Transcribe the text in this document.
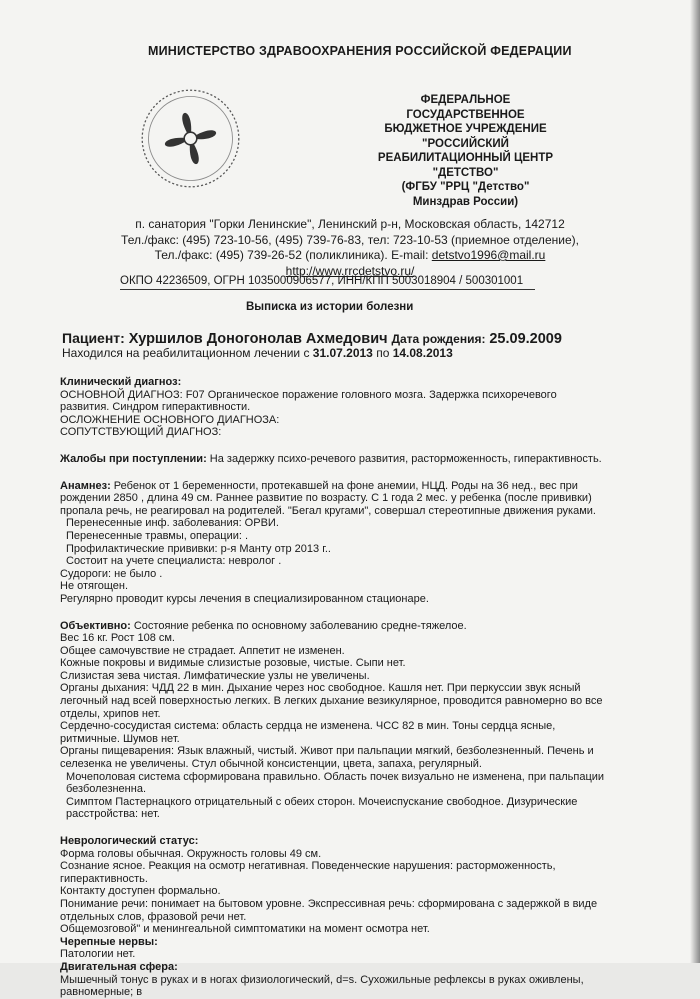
МИНИСТЕРСТВО ЗДРАВООХРАНЕНИЯ РОССИЙСКОЙ ФЕДЕРАЦИИ
ФЕДЕРАЛЬНОЕ ГОСУДАРСТВЕННОЕ
БЮДЖЕТНОЕ УЧРЕЖДЕНИЕ
"РОССИЙСКИЙ
РЕАБИЛИТАЦИОННЫЙ ЦЕНТР
"ДЕТСТВО"
(ФГБУ "РРЦ "Детство"
Минздрав России)
п. санатория "Горки Ленинские", Ленинский р-н, Московская область, 142712
Тел./факс: (495) 723-10-56, (495) 739-76-83, тел: 723-10-53 (приемное отделение),
Тел./факс: (495) 739-26-52 (поликлиника). E-mail: detstvo1996@mail.ru
http://www.rrcdetstvo.ru/
ОКПО 42236509, ОГРН 1035000906577, ИНН/КПП 5003018904 / 500301001
Выписка из истории болезни
Пациент: Хуршилов Доногонолав Ахмедович Дата рождения: 25.09.2009
Находился на реабилитационном лечении с 31.07.2013 по 14.08.2013

Клинический диагноз:

ОСНОВНОЙ ДИАГНОЗ: F07 Органическое поражение головного мозга. Задержка психоречевого развития. Синдром гиперактивности.

ОСЛОЖНЕНИЕ ОСНОВНОГО ДИАГНОЗА:

СОПУТСТВУЮЩИЙ ДИАГНОЗ:

Жалобы при поступлении: На задержку психо-речевого развития, расторможенность, гиперактивность.

Анамнез: Ребенок от 1 беременности, протекавшей на фоне анемии, НЦД. Роды на 36 нед., вес при рождении 2850 , длина 49 см. Раннее развитие по возрасту. С 1 года 2 мес. у ребенка (после прививки) пропала речь, не реагировал на родителей. "Бегал кругами", совершал стереотипные движения руками.

Перенесенные инф. заболевания: ОРВИ.

Перенесенные травмы, операции: .

Профилактические прививки: р-я Манту отр 2013 г..

Состоит на учете специалиста: невролог .

Судороги: не было .

Не отягощен.

Регулярно проводит курсы лечения в специализированном стационаре.

Объективно: Состояние ребенка по основному заболеванию средне-тяжелое.

Вес 16 кг. Рост 108 см.

Общее самочувствие не страдает. Аппетит не изменен.

Кожные покровы и видимые слизистые розовые, чистые. Сыпи нет.

Слизистая зева чистая. Лимфатические узлы не увеличены.

Органы дыхания: ЧДД 22 в мин. Дыхание через нос свободное. Кашля нет. При перкуссии звук ясный легочный над всей поверхностью легких. В легких дыхание везикулярное, проводится равномерно во все отделы, хрипов нет.

Сердечно-сосудистая система: область сердца не изменена. ЧСС 82 в мин. Тоны сердца ясные, ритмичные. Шумов нет.

Органы пищеварения: Язык влажный, чистый. Живот при пальпации мягкий, безболезненный. Печень и селезенка не увеличены. Стул обычной консистенции, цвета, запаха, регулярный.

Мочеполовая система сформирована правильно. Область почек визуально не изменена, при пальпации безболезненна.

Симптом Пастернацкого отрицательный с обеих сторон. Мочеиспускание свободное. Дизурические расстройства: нет.

Неврологический статус:

Форма головы обычная. Окружность головы 49 см.

Сознание ясное. Реакция на осмотр негативная. Поведенческие нарушения: расторможенность, гиперактивность.

Контакту доступен формально.

Понимание речи: понимает на бытовом уровне. Экспрессивная речь: сформирована с задержкой в виде отдельных слов, фразовой речи нет.

Общемозговой" и менингеальной симптоматики на момент осмотра нет.

Черепные нервы:

Патологии нет.

Двигательная сфера:

Мышечный тонус в руках и в ногах физиологический, d=s. Сухожильные рефлексы в руках оживлены, равномерные; в
